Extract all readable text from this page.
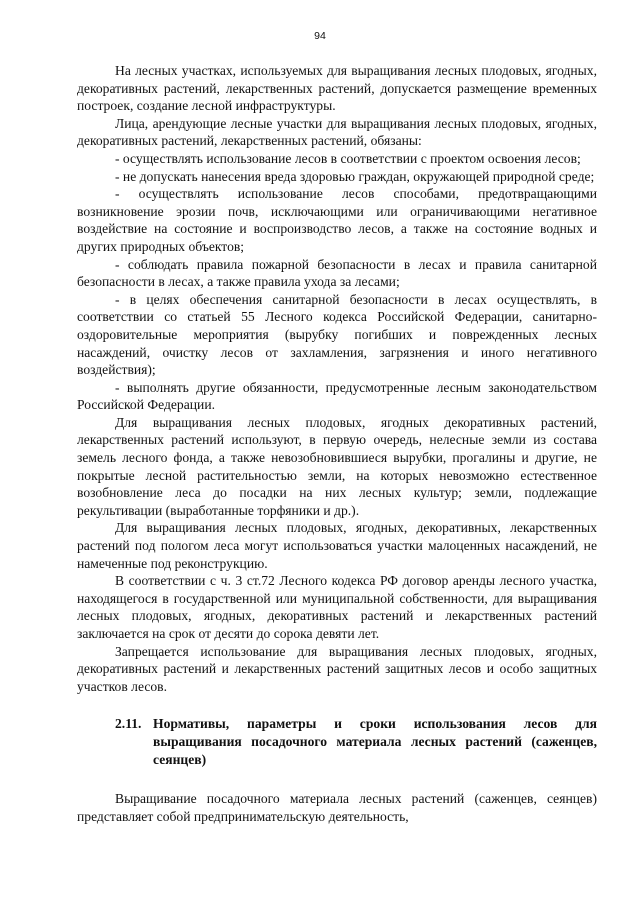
94

На лесных участках, используемых для выращивания лесных плодовых, ягодных, декоративных растений, лекарственных растений, допускается размещение временных построек, создание лесной инфраструктуры.

Лица, арендующие лесные участки для выращивания лесных плодовых, ягодных, декоративных растений, лекарственных растений, обязаны:

- осуществлять использование лесов в соответствии с проектом освоения лесов;

- не допускать нанесения вреда здоровью граждан, окружающей природной среде;

- осуществлять использование лесов способами, предотвращающими возникновение эрозии почв, исключающими или ограничивающими негативное воздействие на состояние и воспроизводство лесов, а также на состояние водных и других природных объектов;

- соблюдать правила пожарной безопасности в лесах и правила санитарной безопасности в лесах, а также правила ухода за лесами;

- в целях обеспечения санитарной безопасности в лесах осуществлять, в соответствии со статьей 55 Лесного кодекса Российской Федерации, санитарно-оздоровительные мероприятия (вырубку погибших и поврежденных лесных насаждений, очистку лесов от захламления, загрязнения и иного негативного воздействия);

- выполнять другие обязанности, предусмотренные лесным законодательством Российской Федерации.

Для выращивания лесных плодовых, ягодных декоративных растений, лекарственных растений используют, в первую очередь, нелесные земли из состава земель лесного фонда, а также невозобновившиеся вырубки, прогалины и другие, не покрытые лесной растительностью земли, на которых невозможно естественное возобновление леса до посадки на них лесных культур; земли, подлежащие рекультивации (выработанные торфяники и др.).

Для выращивания лесных плодовых, ягодных, декоративных, лекарственных растений под пологом леса могут использоваться участки малоценных насаждений, не намеченные под реконструкцию.

В соответствии с ч. 3 ст.72 Лесного кодекса РФ договор аренды лесного участка, находящегося в государственной или муниципальной собственности, для выращивания лесных плодовых, ягодных, декоративных растений и лекарственных растений заключается на срок от десяти до сорока девяти лет.

Запрещается использование для выращивания лесных плодовых, ягодных, декоративных растений и лекарственных растений защитных лесов и особо защитных участков лесов.

2.11. Нормативы, параметры и сроки использования лесов для выращивания посадочного материала лесных растений (саженцев, сеянцев)

Выращивание посадочного материала лесных растений (саженцев, сеянцев) представляет собой предпринимательскую деятельность,
